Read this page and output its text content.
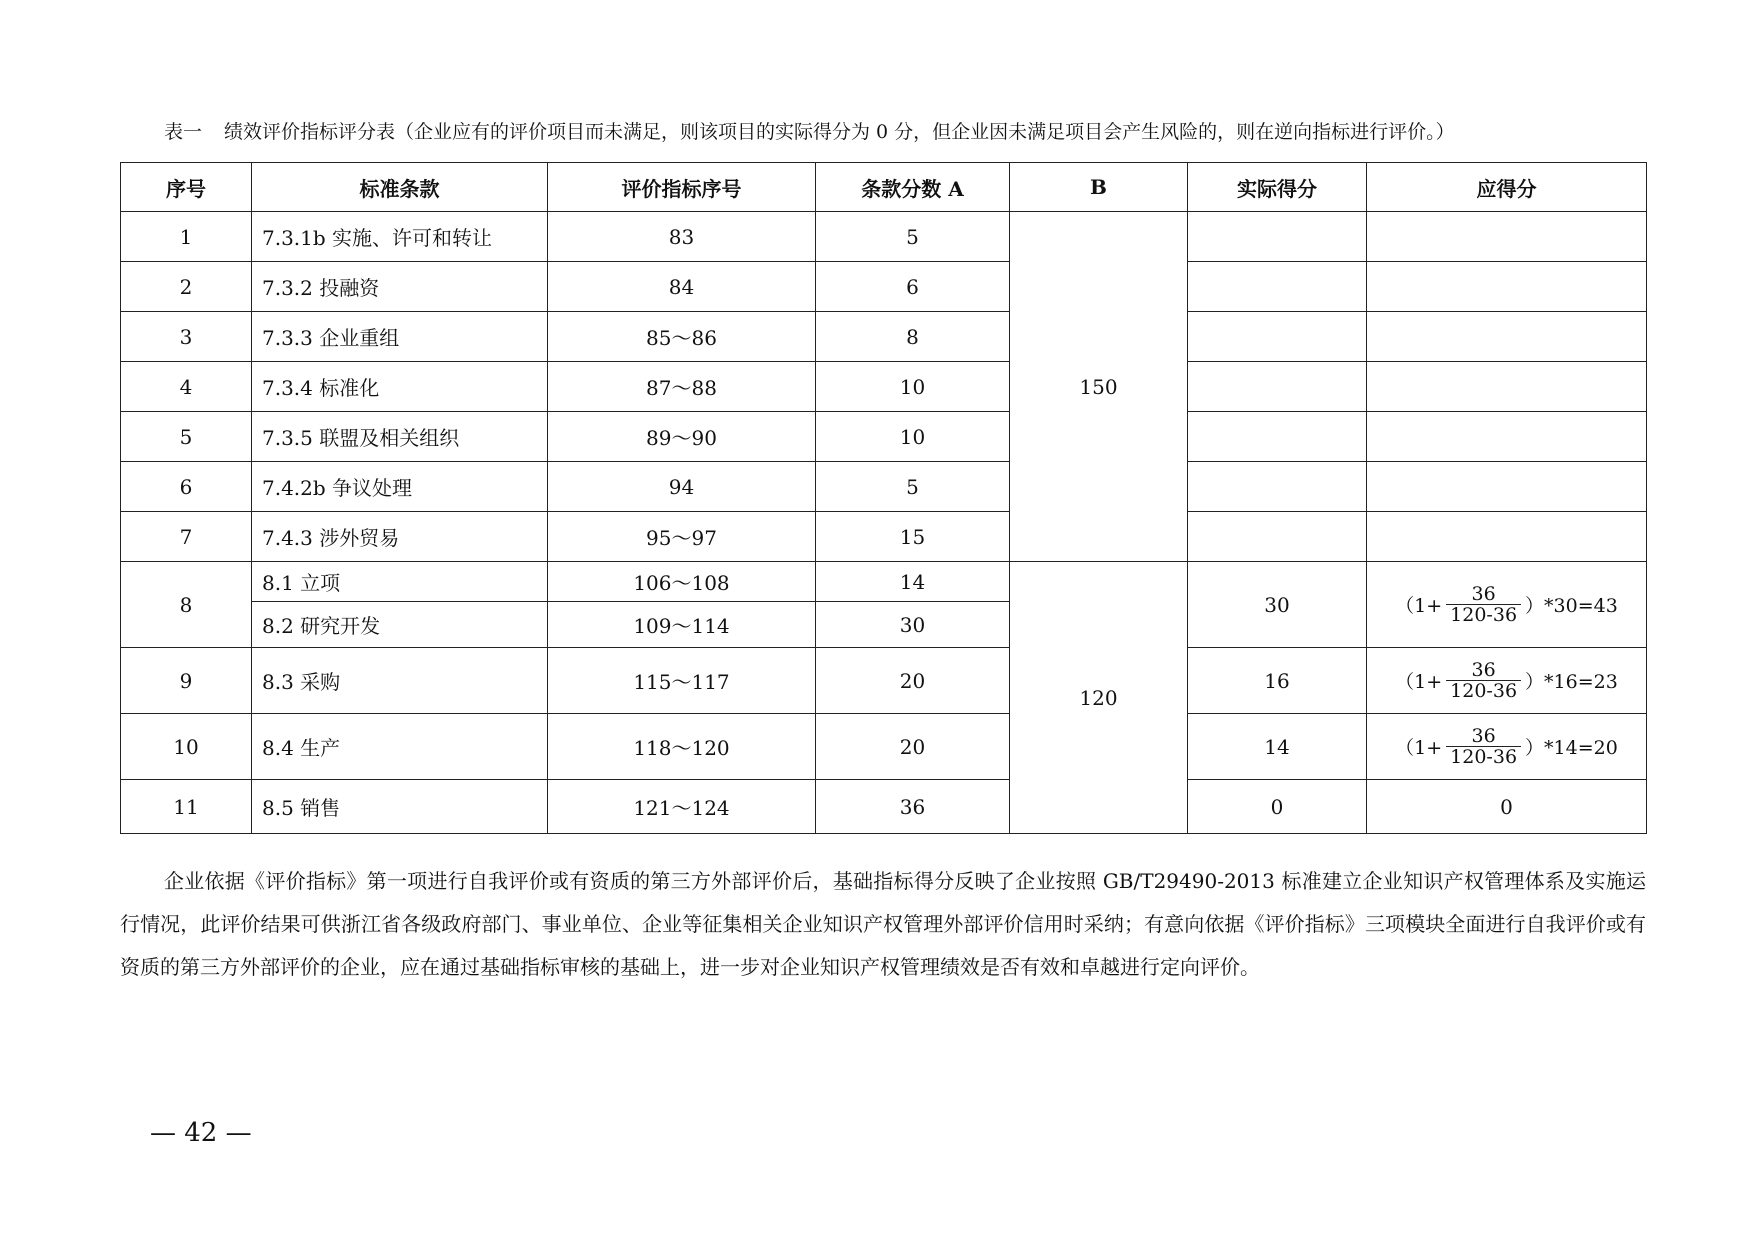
表一 绩效评价指标评分表（企业应有的评价项目而未满足，则该项目的实际得分为 0 分，但企业因未满足项目会产生风险的，则在逆向指标进行评价。）
序号	标准条款	评价指标序号	条款分数 A	B	实际得分	应得分
1	7.3.1b 实施、许可和转让	83	5	150		
2	7.3.2 投融资	84	6			
3	7.3.3 企业重组	85～86	8			
4	7.3.4 标准化	87～88	10			
5	7.3.5 联盟及相关组织	89～90	10			
6	7.4.2b 争议处理	94	5			
7	7.4.3 涉外贸易	95～97	15			
8	8.1 立项	106～108	14	120	30	$(1+ \frac{36}{120-36} )*30=43$

	8.2 研究开发	109～114	30			
9	8.3 采购	115～117	20		16	$(1+ \frac{36}{120-36} )*16=23$

10	8.4 生产	118～120	20		14	$(1+ \frac{36}{120-36} )*14=20$

11	8.5 销售	121～124	36		0	0

企业依据《评价指标》第一项进行自我评价或有资质的第三方外部评价后，基础指标得分反映了企业按照 GB/T29490-2013 标准建立企业知识产权管理体系及实施运行情况，此评价结果可供浙江省各级政府部门、事业单位、企业等征集相关企业知识产权管理外部评价信用时采纳；有意向依据《评价指标》三项模块全面进行自我评价或有资质的第三方外部评价的企业，应在通过基础指标审核的基础上，进一步对企业知识产权管理绩效是否有效和卓越进行定向评价。

— 42 —
